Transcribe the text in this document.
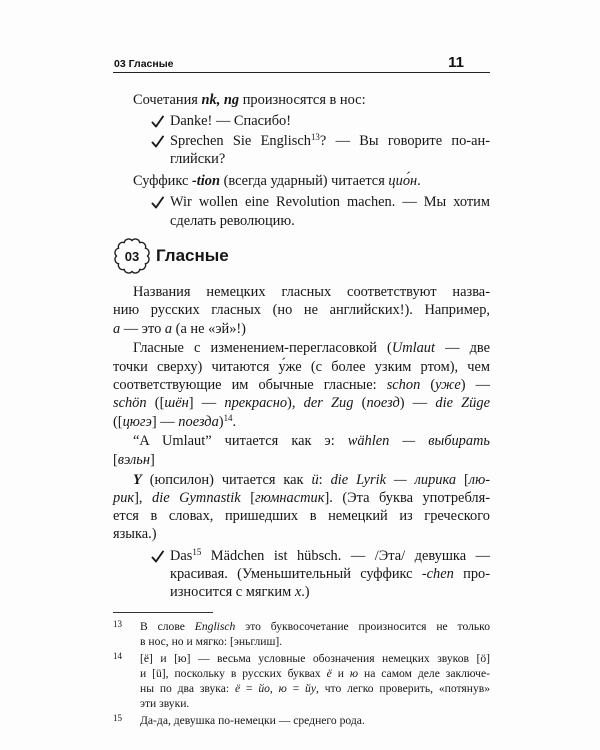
03 Гласные	11
Сочетания nk, ng произносятся в нос:
Danke! — Спасибо!
Sprechen Sie Englisch$^{13}$? — Вы говорите по-ан-
глийски?
Суффикс -tion (всегда ударный) читается цио́н.
Wir wollen eine Revolution machen. — Мы хотим
сделать революцию.
03 Гласные
Названия немецких гласных соответствуют назва-
нию русских гласных (но не английских!). Например,
а — это а (а не «эй»!)
Гласные с изменением-перегласовкой (Umlaut — две
точки сверху) читаются у́же (с более узким ртом), чем
соответствующие им обычные гласные: schon (уже) —
schön ([шён] — прекрасно), der Zug (поезд) — die Züge
([цюгэ] — поезда)$^{14}$.
“A Umlaut” читается как э: wählen — выбирать
[вэльн]
Y (юпсилон) читается как ü: die Lyrik — лирика [лю-
рик], die Gymnastik [гюмнастик]. (Эта буква употребля-
ется в словах, пришедших в немецкий из греческого
языка.)
Das$^{15}$ Mädchen ist hübsch. — /Эта/ девушка —
красивая. (Уменьшительный суффикс -chen про-
износится с мягким х.)
13 В слове Englisch это буквосочетание произносится не только
в нос, но и мягко: [эньглиш].
14 [ё] и [ю] — весьма условные обозначения немецких звуков [ö]
и [ü], поскольку в русских буквах ё и ю на самом деле заключе-
ны по два звука: ё = йо, ю = йу, что легко проверить, «потянув»
эти звуки.
15 Да-да, девушка по-немецки — среднего рода.
